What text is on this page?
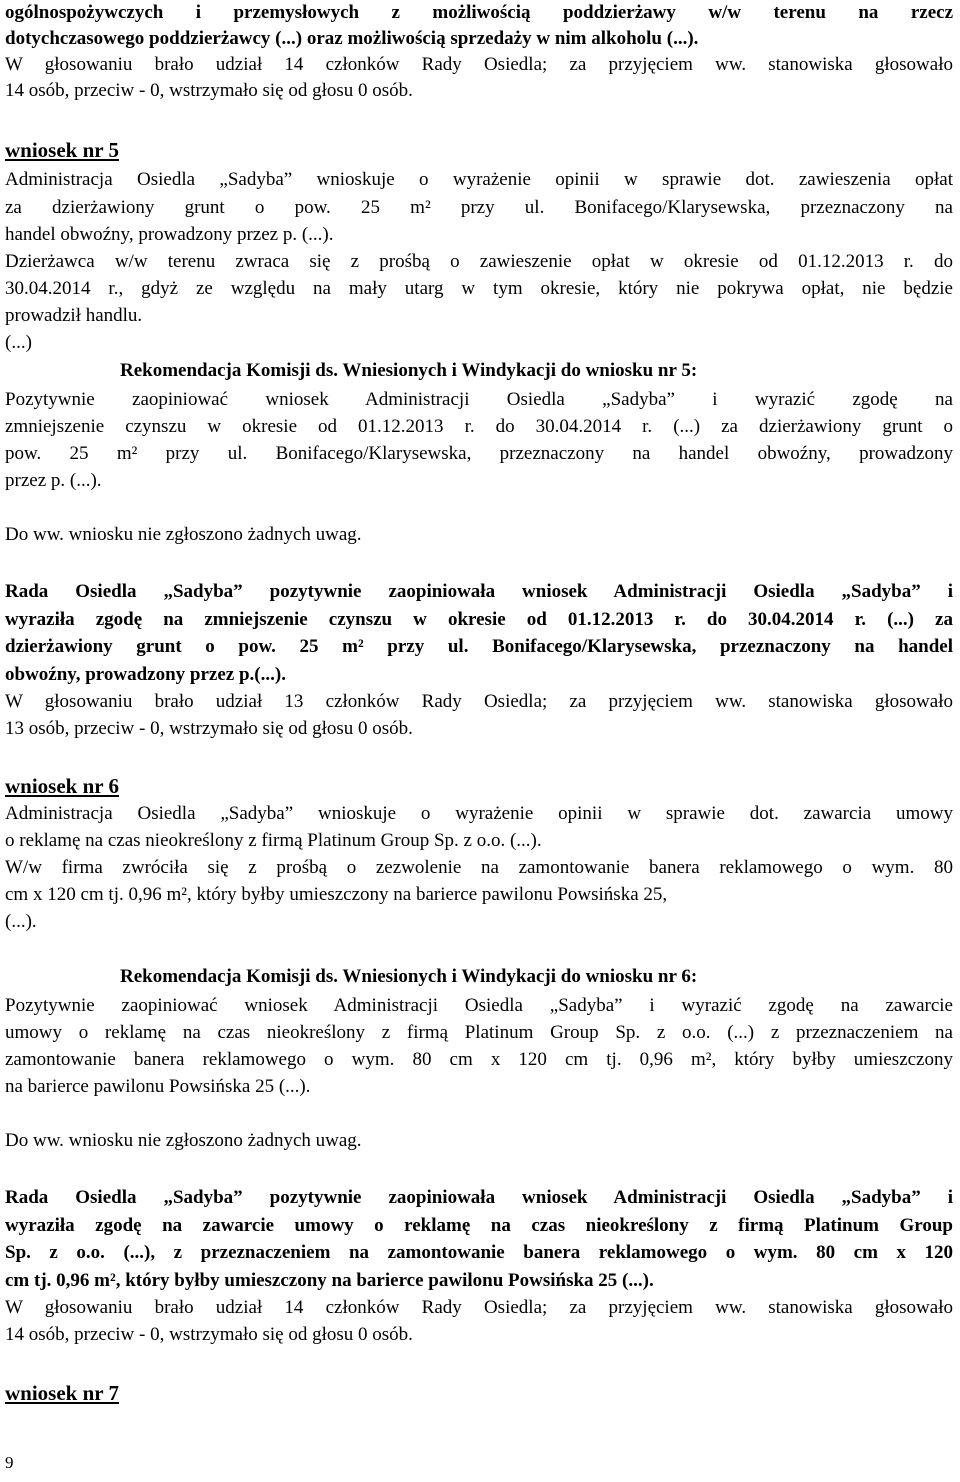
ogólnospożywczych i przemysłowych z możliwością poddzierżawy w/w terenu na rzecz
dotychczasowego poddzierżawcy (...) oraz możliwością sprzedaży w nim alkoholu (...).
W głosowaniu brało udział 14 członków Rady Osiedla; za przyjęciem ww. stanowiska głosowało
14 osób, przeciw - 0, wstrzymało się od głosu 0 osób.
wniosek nr 5
Administracja Osiedla „Sadyba” wnioskuje o wyrażenie opinii w sprawie dot. zawieszenia opłat
za dzierżawiony grunt o pow. 25 m² przy ul. Bonifacego/Klarysewska, przeznaczony na
handel obwoźny, prowadzony przez p. (...).
Dzierżawca w/w terenu zwraca się z prośbą o zawieszenie opłat w okresie od 01.12.2013 r. do
30.04.2014 r., gdyż ze względu na mały utarg w tym okresie, który nie pokrywa opłat, nie będzie
prowadził handlu.
(...)
Rekomendacja Komisji ds. Wniesionych i Windykacji do wniosku nr 5:
Pozytywnie zaopiniować wniosek Administracji Osiedla „Sadyba” i wyrazić zgodę na
zmniejszenie czynszu w okresie od 01.12.2013 r. do 30.04.2014 r. (...) za dzierżawiony grunt o
pow. 25 m² przy ul. Bonifacego/Klarysewska, przeznaczony na handel obwoźny, prowadzony
przez p. (...).
Do ww. wniosku nie zgłoszono żadnych uwag.
Rada Osiedla „Sadyba” pozytywnie zaopiniowała wniosek Administracji Osiedla „Sadyba” i
wyraziła zgodę na zmniejszenie czynszu w okresie od 01.12.2013 r. do 30.04.2014 r. (...) za
dzierżawiony grunt o pow. 25 m² przy ul. Bonifacego/Klarysewska, przeznaczony na handel
obwoźny, prowadzony przez p.(...).
W głosowaniu brało udział 13 członków Rady Osiedla; za przyjęciem ww. stanowiska głosowało
13 osób, przeciw - 0, wstrzymało się od głosu 0 osób.
wniosek nr 6
Administracja Osiedla „Sadyba” wnioskuje o wyrażenie opinii w sprawie dot. zawarcia umowy
o reklamę na czas nieokreślony z firmą Platinum Group Sp. z o.o. (...).
W/w firma zwróciła się z prośbą o zezwolenie na zamontowanie banera reklamowego o wym. 80
cm x 120 cm tj. 0,96 m², który byłby umieszczony na barierce pawilonu Powsińska 25,
(...).
Rekomendacja Komisji ds. Wniesionych i Windykacji do wniosku nr 6:
Pozytywnie zaopiniować wniosek Administracji Osiedla „Sadyba” i wyrazić zgodę na zawarcie
umowy o reklamę na czas nieokreślony z firmą Platinum Group Sp. z o.o. (...) z przeznaczeniem na
zamontowanie banera reklamowego o wym. 80 cm x 120 cm tj. 0,96 m², który byłby umieszczony
na barierce pawilonu Powsińska 25 (...).
Do ww. wniosku nie zgłoszono żadnych uwag.
Rada Osiedla „Sadyba” pozytywnie zaopiniowała wniosek Administracji Osiedla „Sadyba” i
wyraziła zgodę na zawarcie umowy o reklamę na czas nieokreślony z firmą Platinum Group
Sp. z o.o. (...), z przeznaczeniem na zamontowanie banera reklamowego o wym. 80 cm x 120
cm tj. 0,96 m², który byłby umieszczony na barierce pawilonu Powsińska 25 (...).
W głosowaniu brało udział 14 członków Rady Osiedla; za przyjęciem ww. stanowiska głosowało
14 osób, przeciw - 0, wstrzymało się od głosu 0 osób.
wniosek nr 7
9
